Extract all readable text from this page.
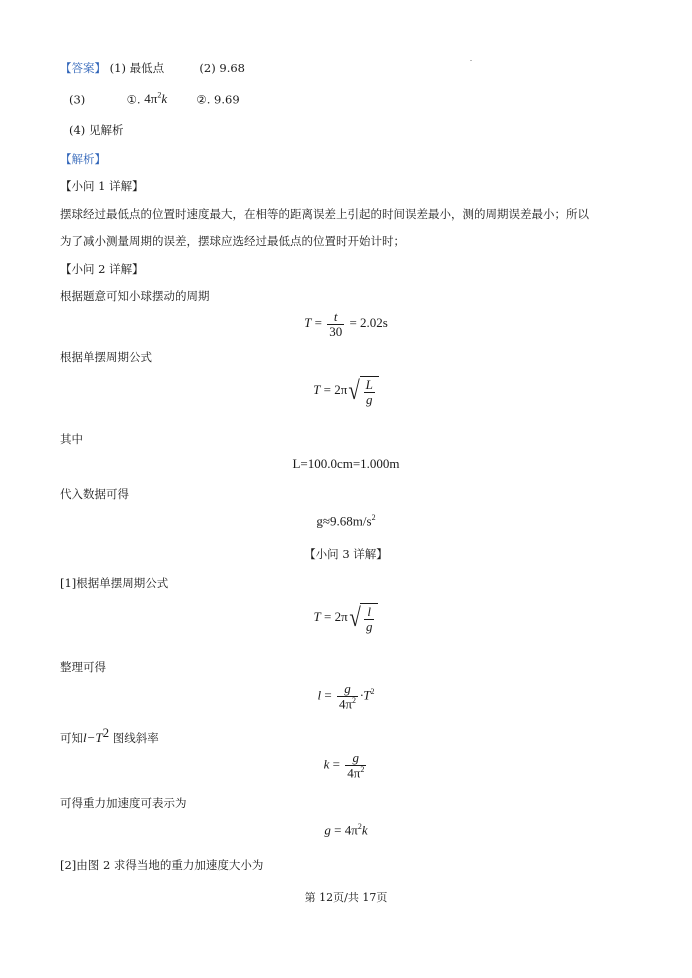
【答案】 (1) 最低点	(2) 9.68
(3)	①. $4\pi^2k$	②. 9.69
(4) 见解析
【解析】
【小问 1 详解】
摆球经过最低点的位置时速度最大，在相等的距离误差上引起的时间误差最小，测的周期误差最小；所以
为了减小测量周期的误差，摆球应选经过最低点的位置时开始计时；
【小问 2 详解】
根据题意可知小球摆动的周期
$T = \frac{t}{30} = 2.02s$
根据单摆周期公式
$T = 2\pi√ \frac{L}{g}$
其中
L=100.0cm=1.000m
代入数据可得
$g\approx 9.68m/s^2$
【小问 3 详解】
[1]根据单摆周期公式
$T = 2\pi√ \frac{l}{g}$
整理可得
$l = \frac{g}{4\pi^2} \cdot T^2$
可知$l-T^2$ 图线斜率
$k = \frac{g}{4\pi^2}$
可得重力加速度可表示为
$g = 4\pi^2k$
[2]由图 2 求得当地的重力加速度大小为
第 12页/共 17页
